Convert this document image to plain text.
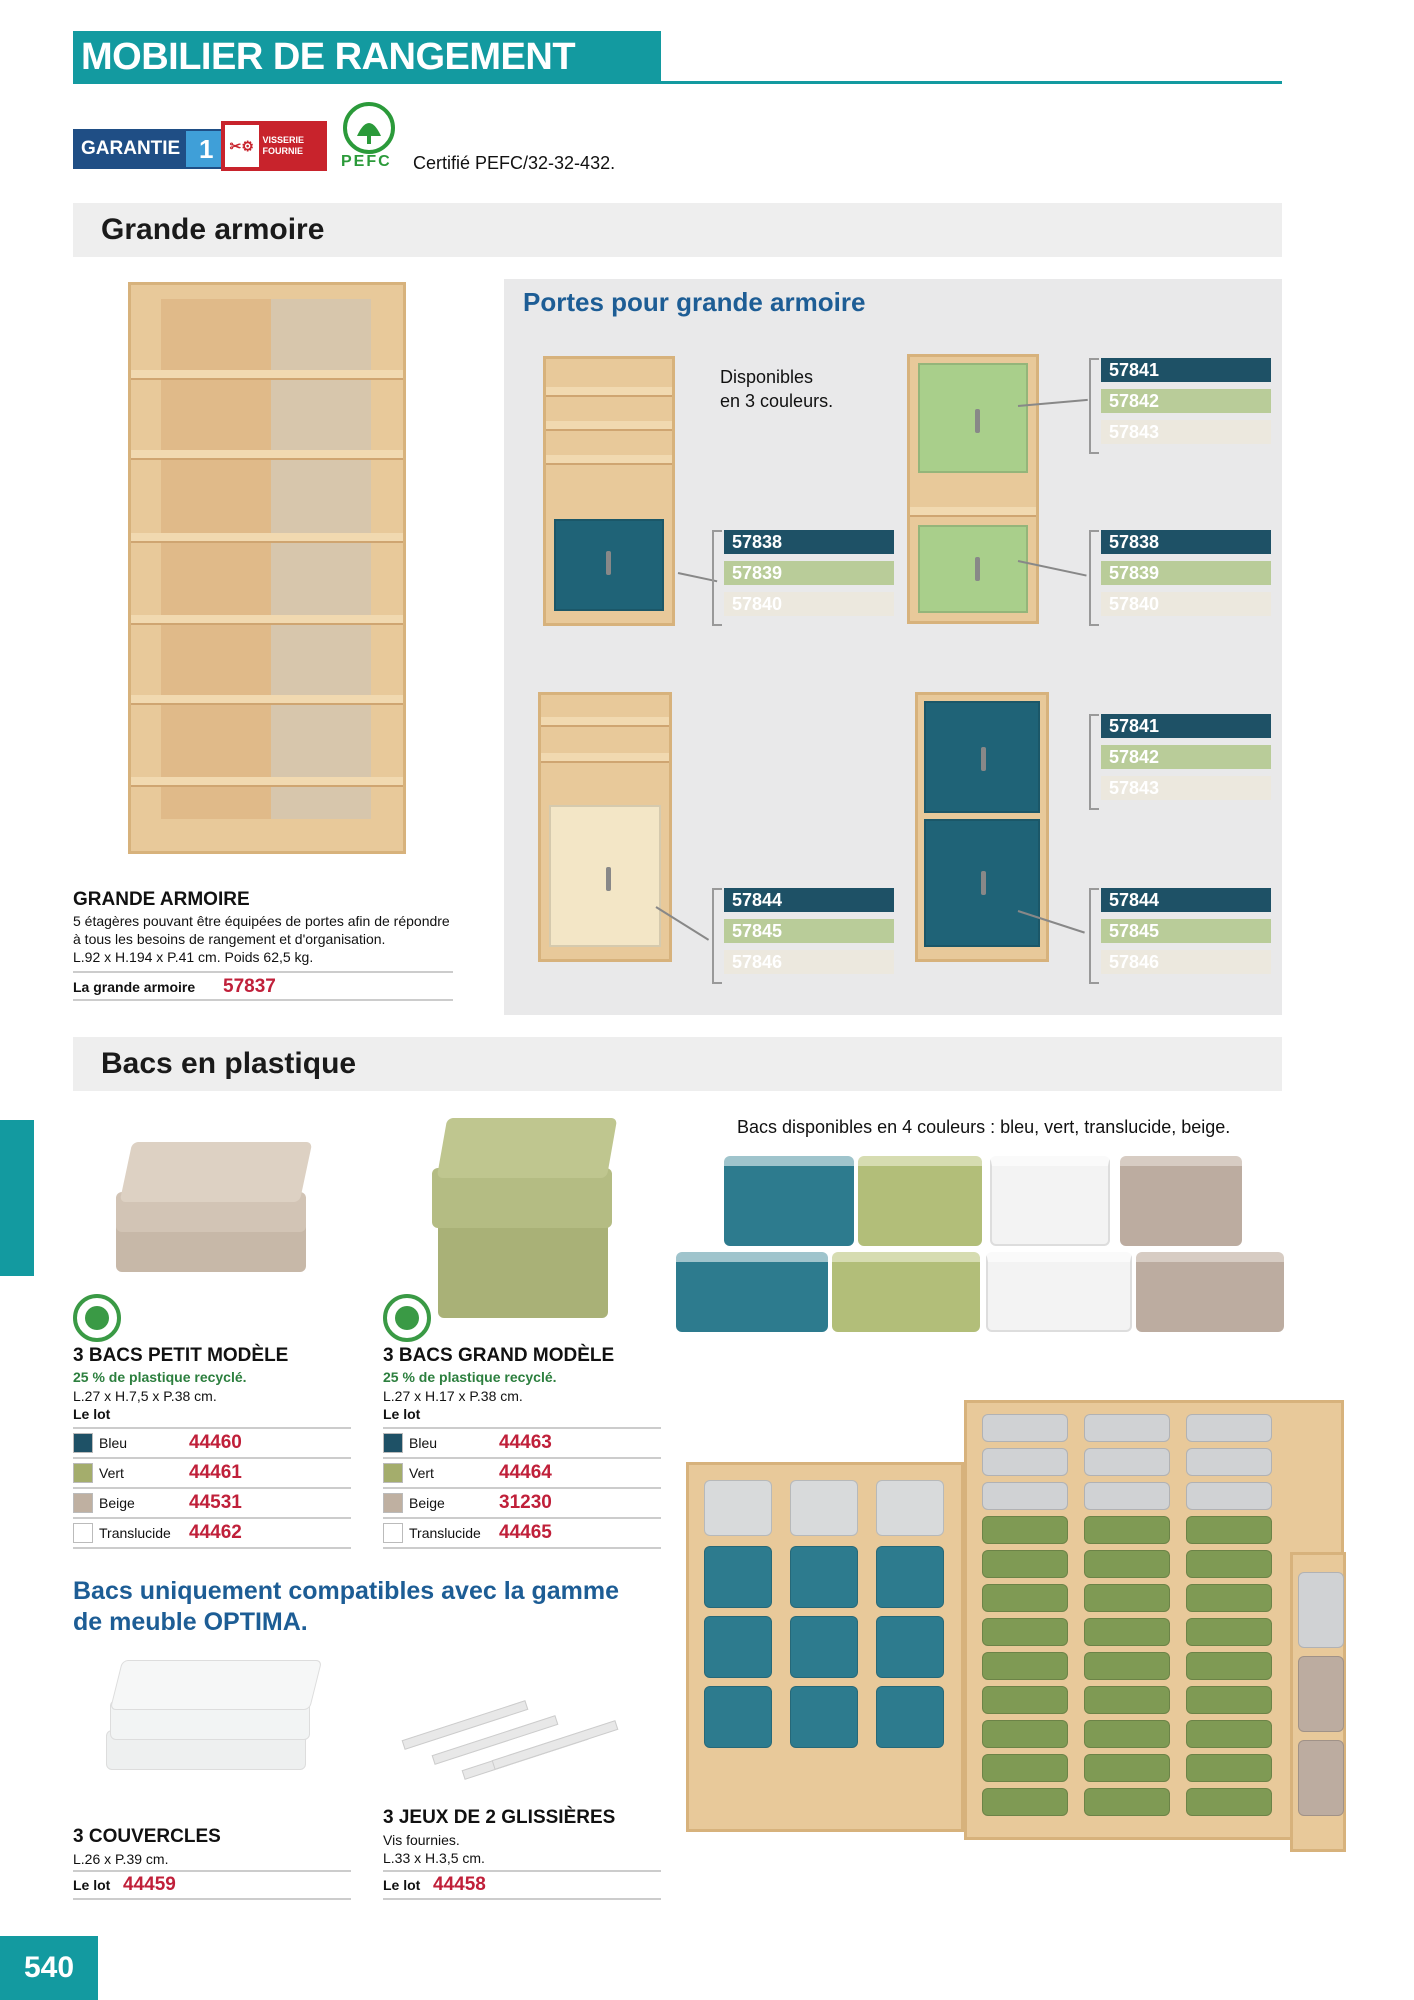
MOBILIER DE RANGEMENT
GARANTIE 1	✂⚙ VISSERIE FOURNIE
PEFC Certifié PEFC/32-32-432.
Grande armoire
GRANDE ARMOIRE
5 étagères pouvant être équipées de portes afin de répondre
à tous les besoins de rangement et d'organisation.
L.92 x H.194 x P.41 cm. Poids 62,5 kg.
La grande armoire	57837
Portes pour grande armoire
Disponibles
en 3 couleurs.
57838
57839
57840
57841
57842
57843
57838
57839
57840
57844
57845
57846
57841
57842
57843
57844
57845
57846
Bacs en plastique
3 BACS PETIT MODÈLE
25 % de plastique recyclé.
L.27 x H.7,5 x P.38 cm.
Le lot
Bleu	44460
Vert	44461
Beige	44531
Translucide 44462
3 BACS GRAND MODÈLE
25 % de plastique recyclé.
L.27 x H.17 x P.38 cm.
Le lot
Bleu	44463
Vert	44464
Beige	31230
Translucide 44465
Bacs disponibles en 4 couleurs : bleu, vert, translucide, beige.
Bacs uniquement compatibles avec la gamme
de meuble OPTIMA.
3 COUVERCLES
L.26 x P.39 cm.
Le lot 44459
3 JEUX DE 2 GLISSIÈRES
Vis fournies.
L.33 x H.3,5 cm.
Le lot 44458
540
